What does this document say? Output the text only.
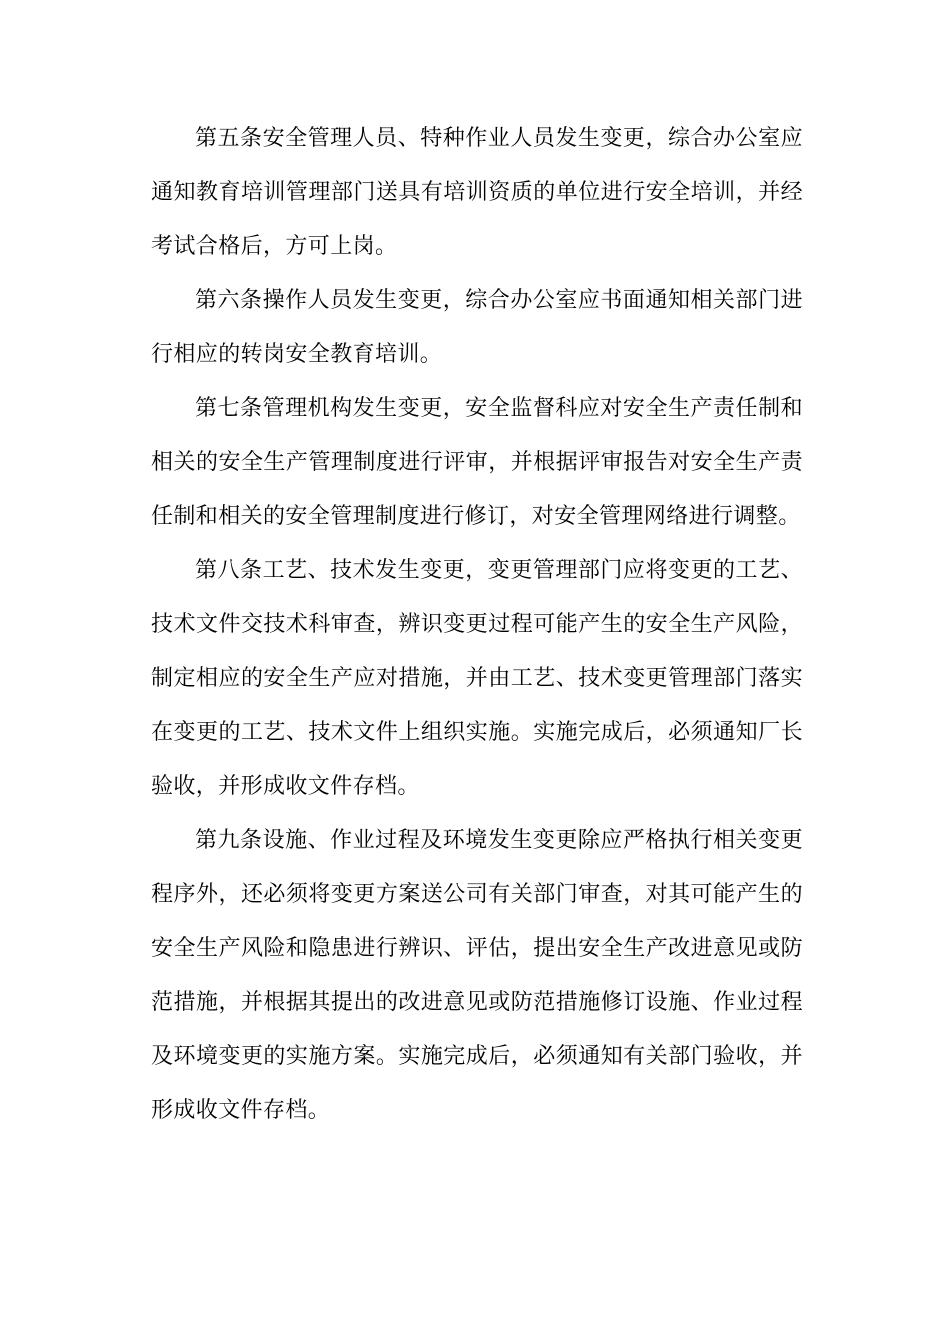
第五条安全管理人员、特种作业人员发生变更，综合办公室应通知教育培训管理部门送具有培训资质的单位进行安全培训，并经考试合格后，方可上岗。

第六条操作人员发生变更，综合办公室应书面通知相关部门进行相应的转岗安全教育培训。

第七条管理机构发生变更，安全监督科应对安全生产责任制和相关的安全生产管理制度进行评审，并根据评审报告对安全生产责任制和相关的安全管理制度进行修订，对安全管理网络进行调整。

第八条工艺、技术发生变更，变更管理部门应将变更的工艺、技术文件交技术科审查，辨识变更过程可能产生的安全生产风险，制定相应的安全生产应对措施，并由工艺、技术变更管理部门落实在变更的工艺、技术文件上组织实施。实施完成后，必须通知厂长验收，并形成收文件存档。

第九条设施、作业过程及环境发生变更除应严格执行相关变更程序外，还必须将变更方案送公司有关部门审查，对其可能产生的安全生产风险和隐患进行辨识、评估，提出安全生产改进意见或防范措施，并根据其提出的改进意见或防范措施修订设施、作业过程及环境变更的实施方案。实施完成后，必须通知有关部门验收，并形成收文件存档。
